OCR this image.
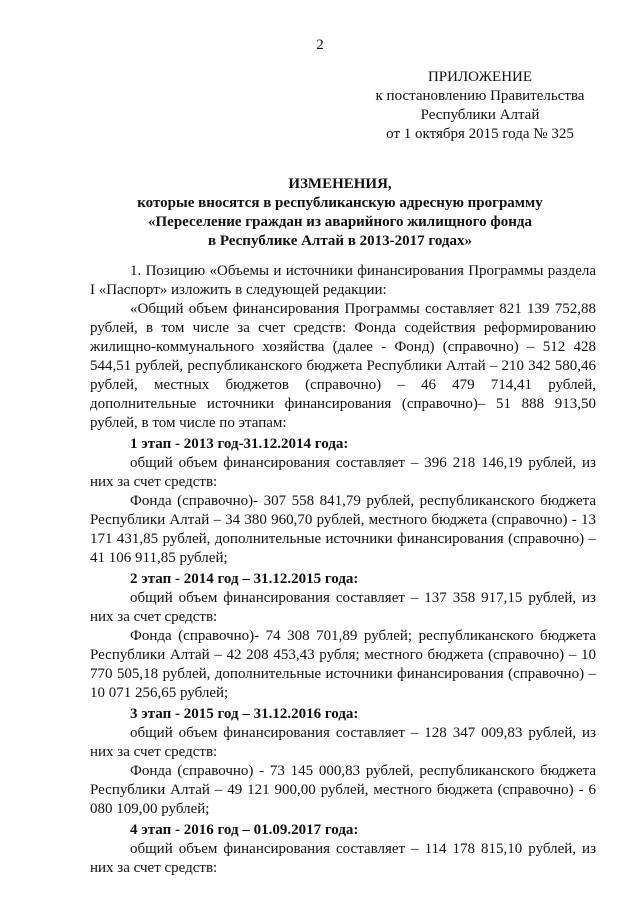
2
ПРИЛОЖЕНИЕ
к постановлению Правительства
Республики Алтай
от 1 октября 2015 года № 325
ИЗМЕНЕНИЯ,
которые вносятся в республиканскую адресную программу
«Переселение граждан из аварийного жилищного фонда
в Республике Алтай в 2013-2017 годах»

1. Позицию «Объемы и источники финансирования Программы раздела I «Паспорт» изложить в следующей редакции:

«Общий объем финансирования Программы составляет 821 139 752,88 рублей, в том числе за счет средств: Фонда содействия реформированию жилищно-коммунального хозяйства (далее - Фонд) (справочно) – 512 428 544,51 рублей, республиканского бюджета Республики Алтай – 210 342 580,46 рублей, местных бюджетов (справочно) – 46 479 714,41 рублей, дополнительные источники финансирования (справочно)– 51 888 913,50 рублей, в том числе по этапам:

1 этап - 2013 год-31.12.2014 года:

общий объем финансирования составляет – 396 218 146,19 рублей, из них за счет средств:

Фонда (справочно)- 307 558 841,79 рублей, республиканского бюджета Республики Алтай – 34 380 960,70 рублей, местного бюджета (справочно) - 13 171 431,85 рублей, дополнительные источники финансирования (справочно) – 41 106 911,85 рублей;

2 этап - 2014 год – 31.12.2015 года:

общий объем финансирования составляет – 137 358 917,15 рублей, из них за счет средств:

Фонда (справочно)- 74 308 701,89 рублей; республиканского бюджета Республики Алтай – 42 208 453,43 рубля; местного бюджета (справочно) – 10 770 505,18 рублей, дополнительные источники финансирования (справочно) – 10 071 256,65 рублей;

3 этап - 2015 год – 31.12.2016 года:

общий объем финансирования составляет – 128 347 009,83 рублей, из них за счет средств:

Фонда (справочно) - 73 145 000,83 рублей, республиканского бюджета Республики Алтай – 49 121 900,00 рублей, местного бюджета (справочно) - 6 080 109,00 рублей;

4 этап - 2016 год – 01.09.2017 года:

общий объем финансирования составляет – 114 178 815,10 рублей, из них за счет средств:
